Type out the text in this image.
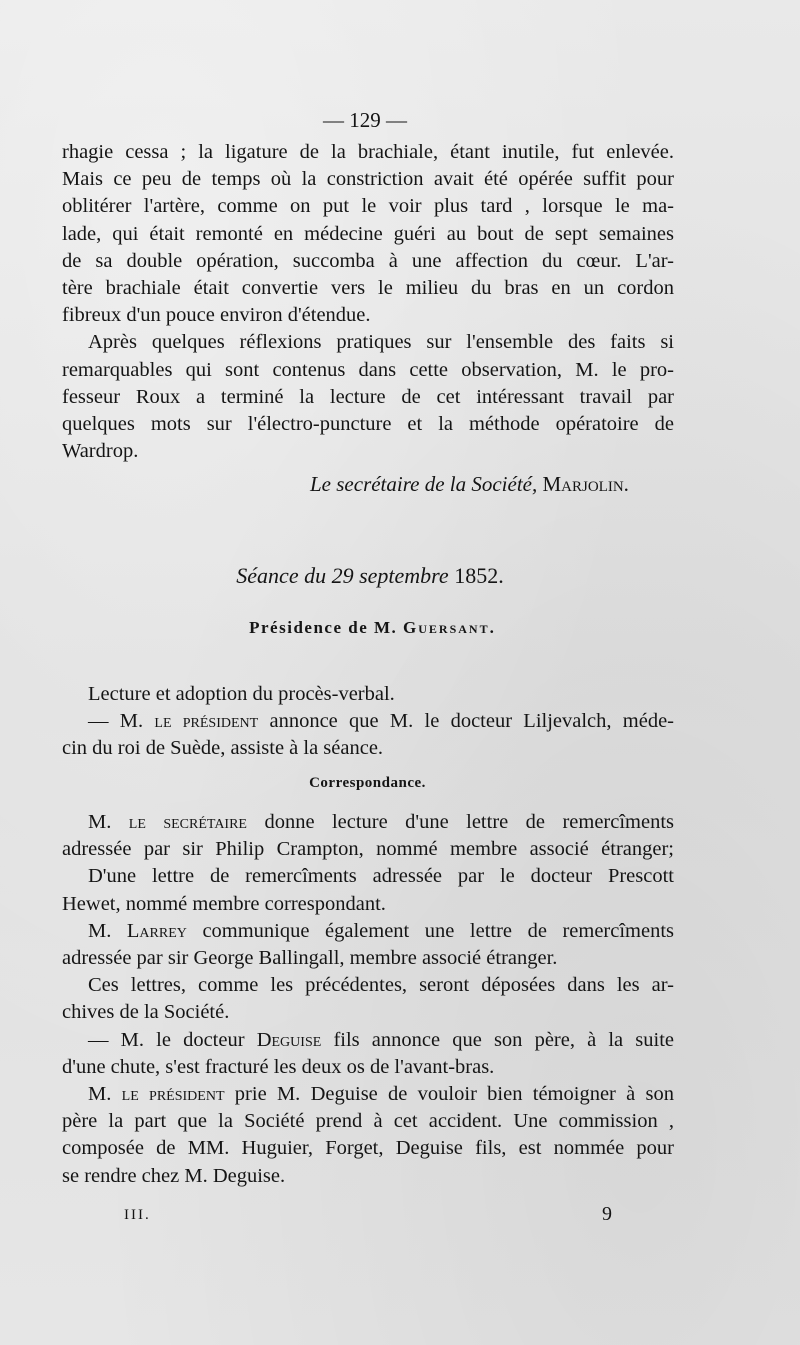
— 129 —
rhagie cessa ; la ligature de la brachiale, étant inutile, fut enlevée.
Mais ce peu de temps où la constriction avait été opérée suffit pour
oblitérer l'artère, comme on put le voir plus tard , lorsque le ma-
lade, qui était remonté en médecine guéri au bout de sept semaines
de sa double opération, succomba à une affection du cœur. L'ar-
tère brachiale était convertie vers le milieu du bras en un cordon
fibreux d'un pouce environ d'étendue.
Après quelques réflexions pratiques sur l'ensemble des faits si
remarquables qui sont contenus dans cette observation, M. le pro-
fesseur Roux a terminé la lecture de cet intéressant travail par
quelques mots sur l'électro-puncture et la méthode opératoire de
Wardrop.
Le secrétaire de la Société, Marjolin.
Séance du 29 septembre 1852.
Présidence de M. Guersant.
Lecture et adoption du procès-verbal.
— M. le président annonce que M. le docteur Liljevalch, méde-
cin du roi de Suède, assiste à la séance.
Correspondance.
M. le secrétaire donne lecture d'une lettre de remercîments
adressée par sir Philip Crampton, nommé membre associé étranger;
D'une lettre de remercîments adressée par le docteur Prescott
Hewet, nommé membre correspondant.
M. Larrey communique également une lettre de remercîments
adressée par sir George Ballingall, membre associé étranger.
Ces lettres, comme les précédentes, seront déposées dans les ar-
chives de la Société.
— M. le docteur Deguise fils annonce que son père, à la suite
d'une chute, s'est fracturé les deux os de l'avant-bras.
M. le président prie M. Deguise de vouloir bien témoigner à son
père la part que la Société prend à cet accident. Une commission ,
composée de MM. Huguier, Forget, Deguise fils, est nommée pour
se rendre chez M. Deguise.
III.	9
